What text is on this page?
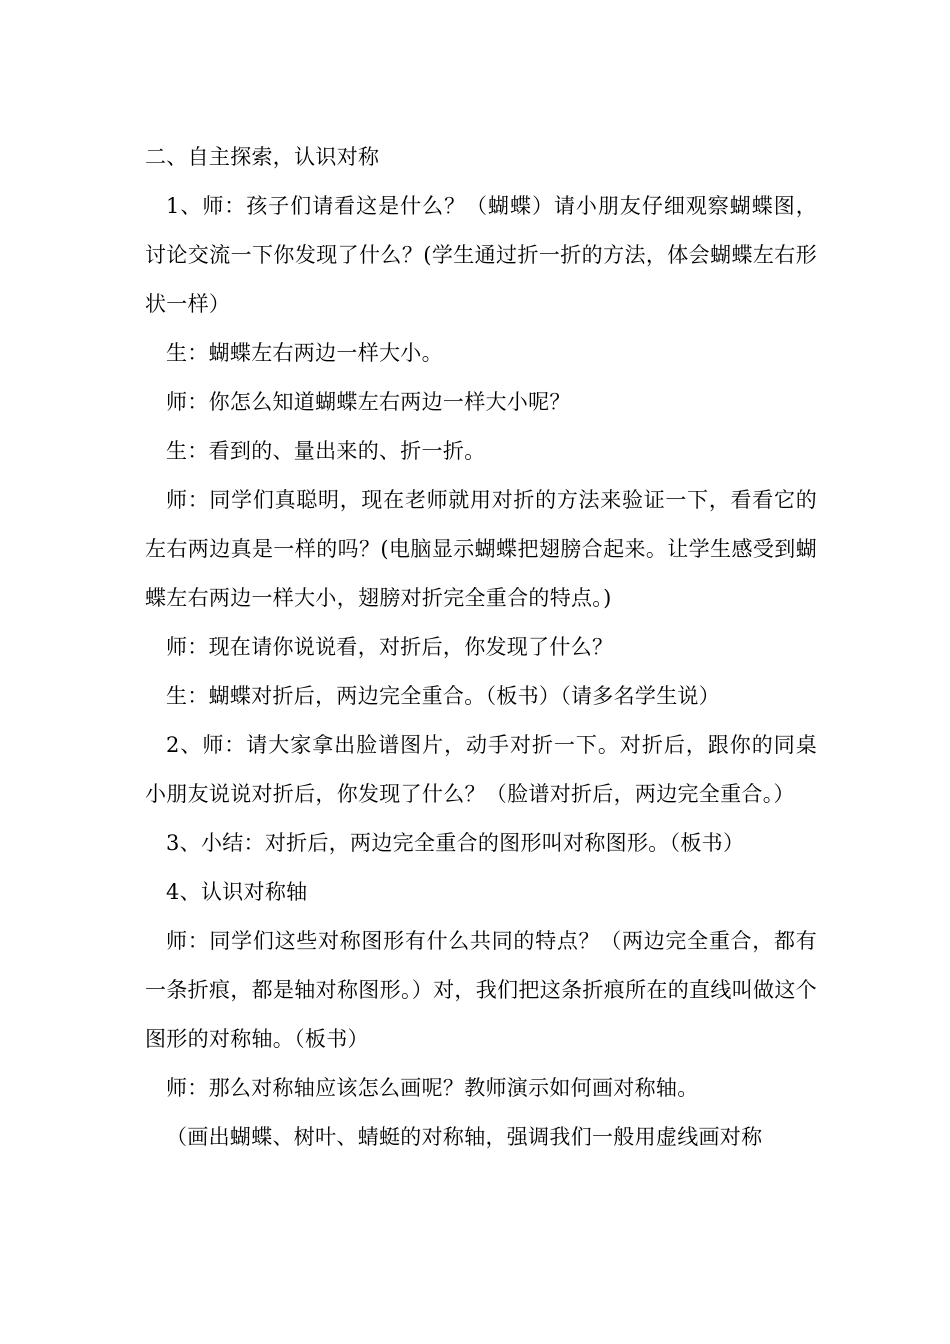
二、自主探索，认识对称

1、师：孩子们请看这是什么？（蝴蝶）请小朋友仔细观察蝴蝶图，讨论交流一下你发现了什么？(学生通过折一折的方法，体会蝴蝶左右形状一样）

生：蝴蝶左右两边一样大小。

师：你怎么知道蝴蝶左右两边一样大小呢？

生：看到的、量出来的、折一折。

师：同学们真聪明，现在老师就用对折的方法来验证一下，看看它的左右两边真是一样的吗？(电脑显示蝴蝶把翅膀合起来。让学生感受到蝴蝶左右两边一样大小，翅膀对折完全重合的特点。)

师：现在请你说说看，对折后，你发现了什么？

生：蝴蝶对折后，两边完全重合。（板书）（请多名学生说）

2、师：请大家拿出脸谱图片，动手对折一下。对折后，跟你的同桌小朋友说说对折后，你发现了什么？（脸谱对折后，两边完全重合。）

3、小结：对折后，两边完全重合的图形叫对称图形。（板书）

4、认识对称轴

师：同学们这些对称图形有什么共同的特点？（两边完全重合，都有一条折痕，都是轴对称图形。）对，我们把这条折痕所在的直线叫做这个图形的对称轴。（板书）

师：那么对称轴应该怎么画呢？教师演示如何画对称轴。

（画出蝴蝶、树叶、蜻蜓的对称轴，强调我们一般用虚线画对称
